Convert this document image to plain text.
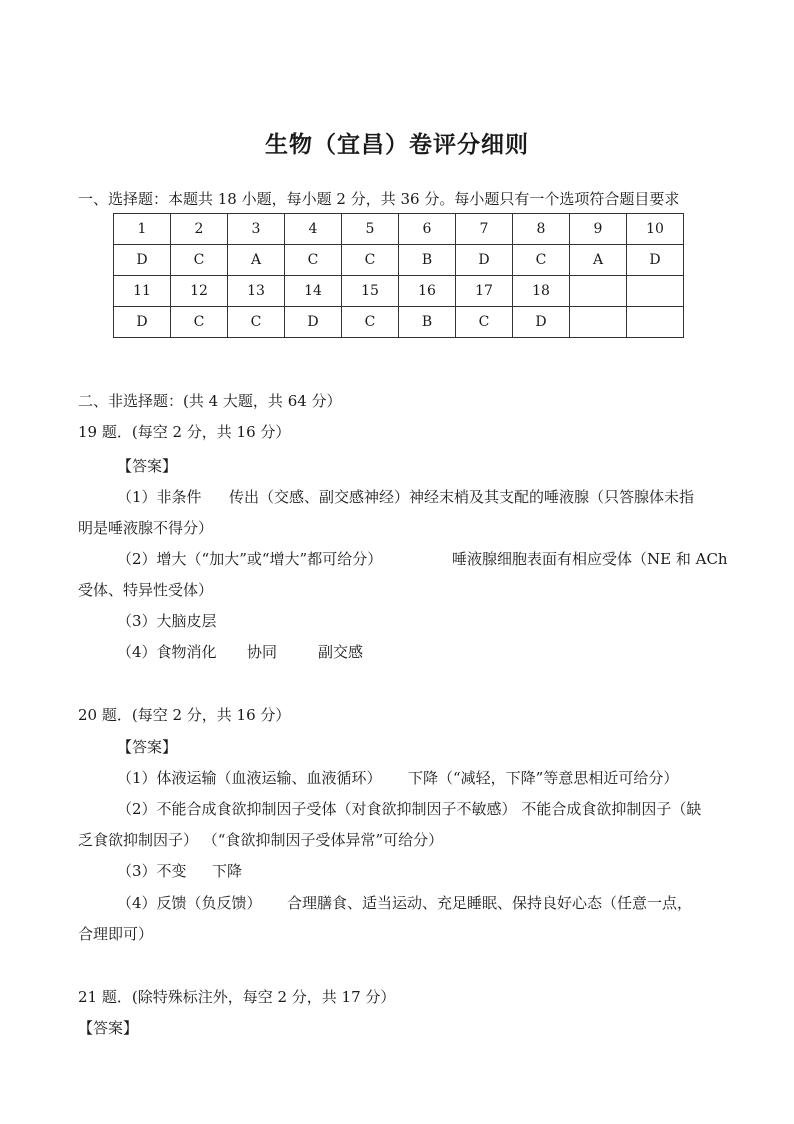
生物（宜昌）卷评分细则
一、选择题：本题共 18 小题，每小题 2 分，共 36 分。每小题只有一个选项符合题目要求
1	2	3	4	5	6	7	8	9	10
D	C	A	C	C	B	D	C	A	D
11	12	13	14	15	16	17	18		
D	C	C	D	C	B	C	D		
二、非选择题：(共 4 大题，共 64 分）
19 题．(每空 2 分，共 16 分）
【答案】
（1）非条件 传出（交感、副交感神经）神经末梢及其支配的唾液腺（只答腺体未指
明是唾液腺不得分）
（2）增大（“加大”或“增大”都可给分）	唾液腺细胞表面有相应受体（NE 和 ACh
受体、特异性受体）
（3）大脑皮层
（4）食物消化 协同	副交感
20 题．(每空 2 分，共 16 分）
【答案】
（1）体液运输（血液运输、血液循环） 下降（“减轻，下降”等意思相近可给分）
（2）不能合成食欲抑制因子受体（对食欲抑制因子不敏感） 不能合成食欲抑制因子（缺
乏食欲抑制因子） （“食欲抑制因子受体异常”可给分）
（3）不变 下降
（4）反馈（负反馈） 合理膳食、适当运动、充足睡眠、保持良好心态（任意一点，
合理即可）
21 题．(除特殊标注外，每空 2 分，共 17 分）
【答案】
